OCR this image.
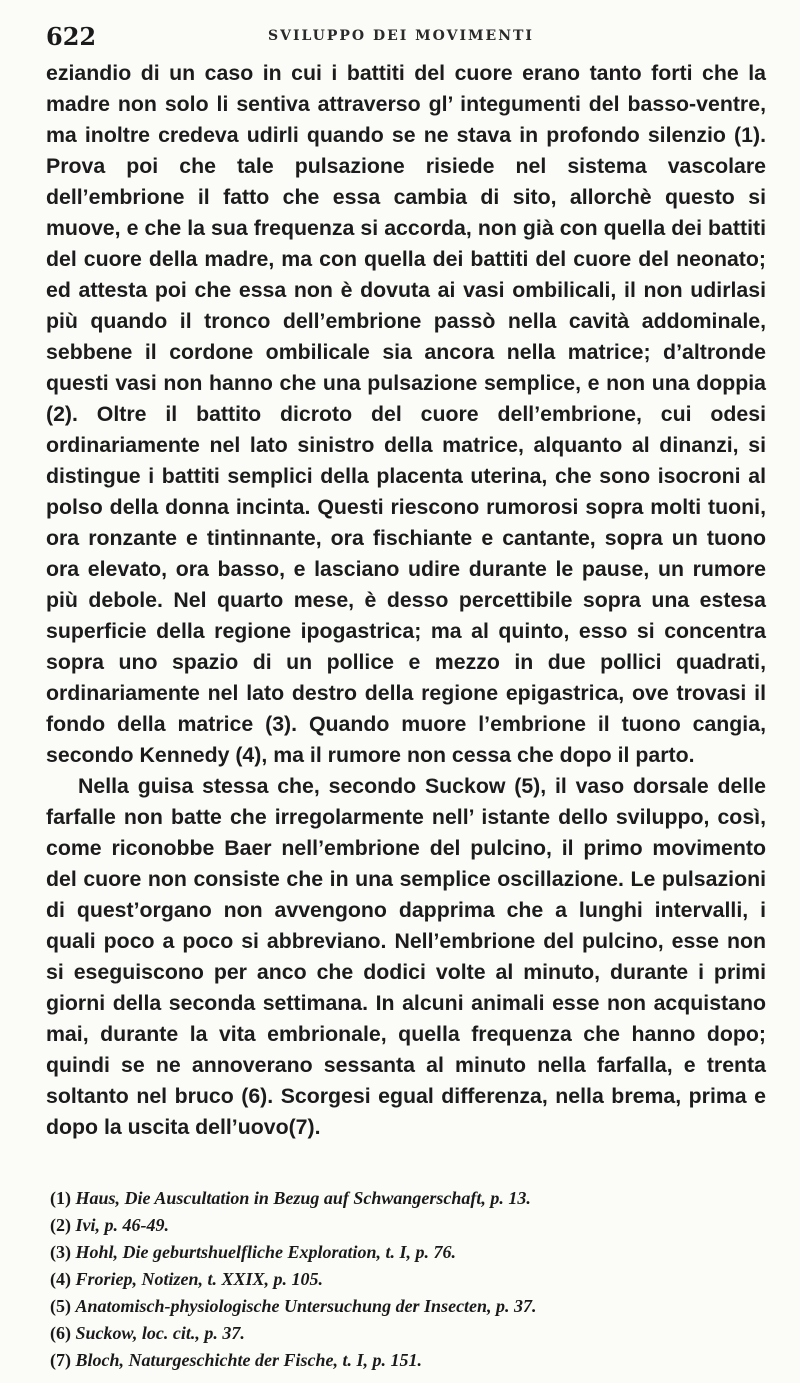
622	SVILUPPO DEI MOVIMENTI

eziandio di un caso in cui i battiti del cuore erano tanto forti che la madre non solo li sentiva attraverso gl’ integumenti del basso-ventre, ma inoltre credeva udirli quando se ne stava in profondo silenzio (1). Prova poi che tale pulsazione risiede nel sistema vascolare dell’embrione il fatto che essa cambia di sito, allorchè questo si muove, e che la sua frequenza si accorda, non già con quella dei battiti del cuore della madre, ma con quella dei battiti del cuore del neonato; ed attesta poi che essa non è dovuta ai vasi ombilicali, il non udirlasi più quando il tronco dell’embrione passò nella cavità addominale, sebbene il cordone ombilicale sia ancora nella matrice; d’altronde questi vasi non hanno che una pulsazione semplice, e non una doppia (2). Oltre il battito dicroto del cuore dell’embrione, cui odesi ordinariamente nel lato sinistro della matrice, alquanto al dinanzi, si distingue i battiti semplici della placenta uterina, che sono isocroni al polso della donna incinta. Questi riescono rumorosi sopra molti tuoni, ora ronzante e tintinnante, ora fischiante e cantante, sopra un tuono ora elevato, ora basso, e lasciano udire durante le pause, un rumore più debole. Nel quarto mese, è desso percettibile sopra una estesa superficie della regione ipogastrica; ma al quinto, esso si concentra sopra uno spazio di un pollice e mezzo in due pollici quadrati, ordinariamente nel lato destro della regione epigastrica, ove trovasi il fondo della matrice (3). Quando muore l’embrione il tuono cangia, secondo Kennedy (4), ma il rumore non cessa che dopo il parto.

Nella guisa stessa che, secondo Suckow (5), il vaso dorsale delle farfalle non batte che irregolarmente nell’ istante dello sviluppo, così, come riconobbe Baer nell’embrione del pulcino, il primo movimento del cuore non consiste che in una semplice oscillazione. Le pulsazioni di quest’organo non avvengono dapprima che a lunghi intervalli, i quali poco a poco si abbreviano. Nell’embrione del pulcino, esse non si eseguiscono per anco che dodici volte al minuto, durante i primi giorni della seconda settimana. In alcuni animali esse non acquistano mai, durante la vita embrionale, quella frequenza che hanno dopo; quindi se ne annoverano sessanta al minuto nella farfalla, e trenta soltanto nel bruco (6). Scorgesi egual differenza, nella brema, prima e dopo la uscita dell’uovo(7).

(1) Haus, Die Auscultation in Bezug auf Schwangerschaft, p. 13.
(2) Ivi, p. 46-49.
(3) Hohl, Die geburtshuelfliche Exploration, t. I, p. 76.
(4) Froriep, Notizen, t. XXIX, p. 105.
(5) Anatomisch-physiologische Untersuchung der Insecten, p. 37.
(6) Suckow, loc. cit., p. 37.
(7) Bloch, Naturgeschichte der Fische, t. I, p. 151.
